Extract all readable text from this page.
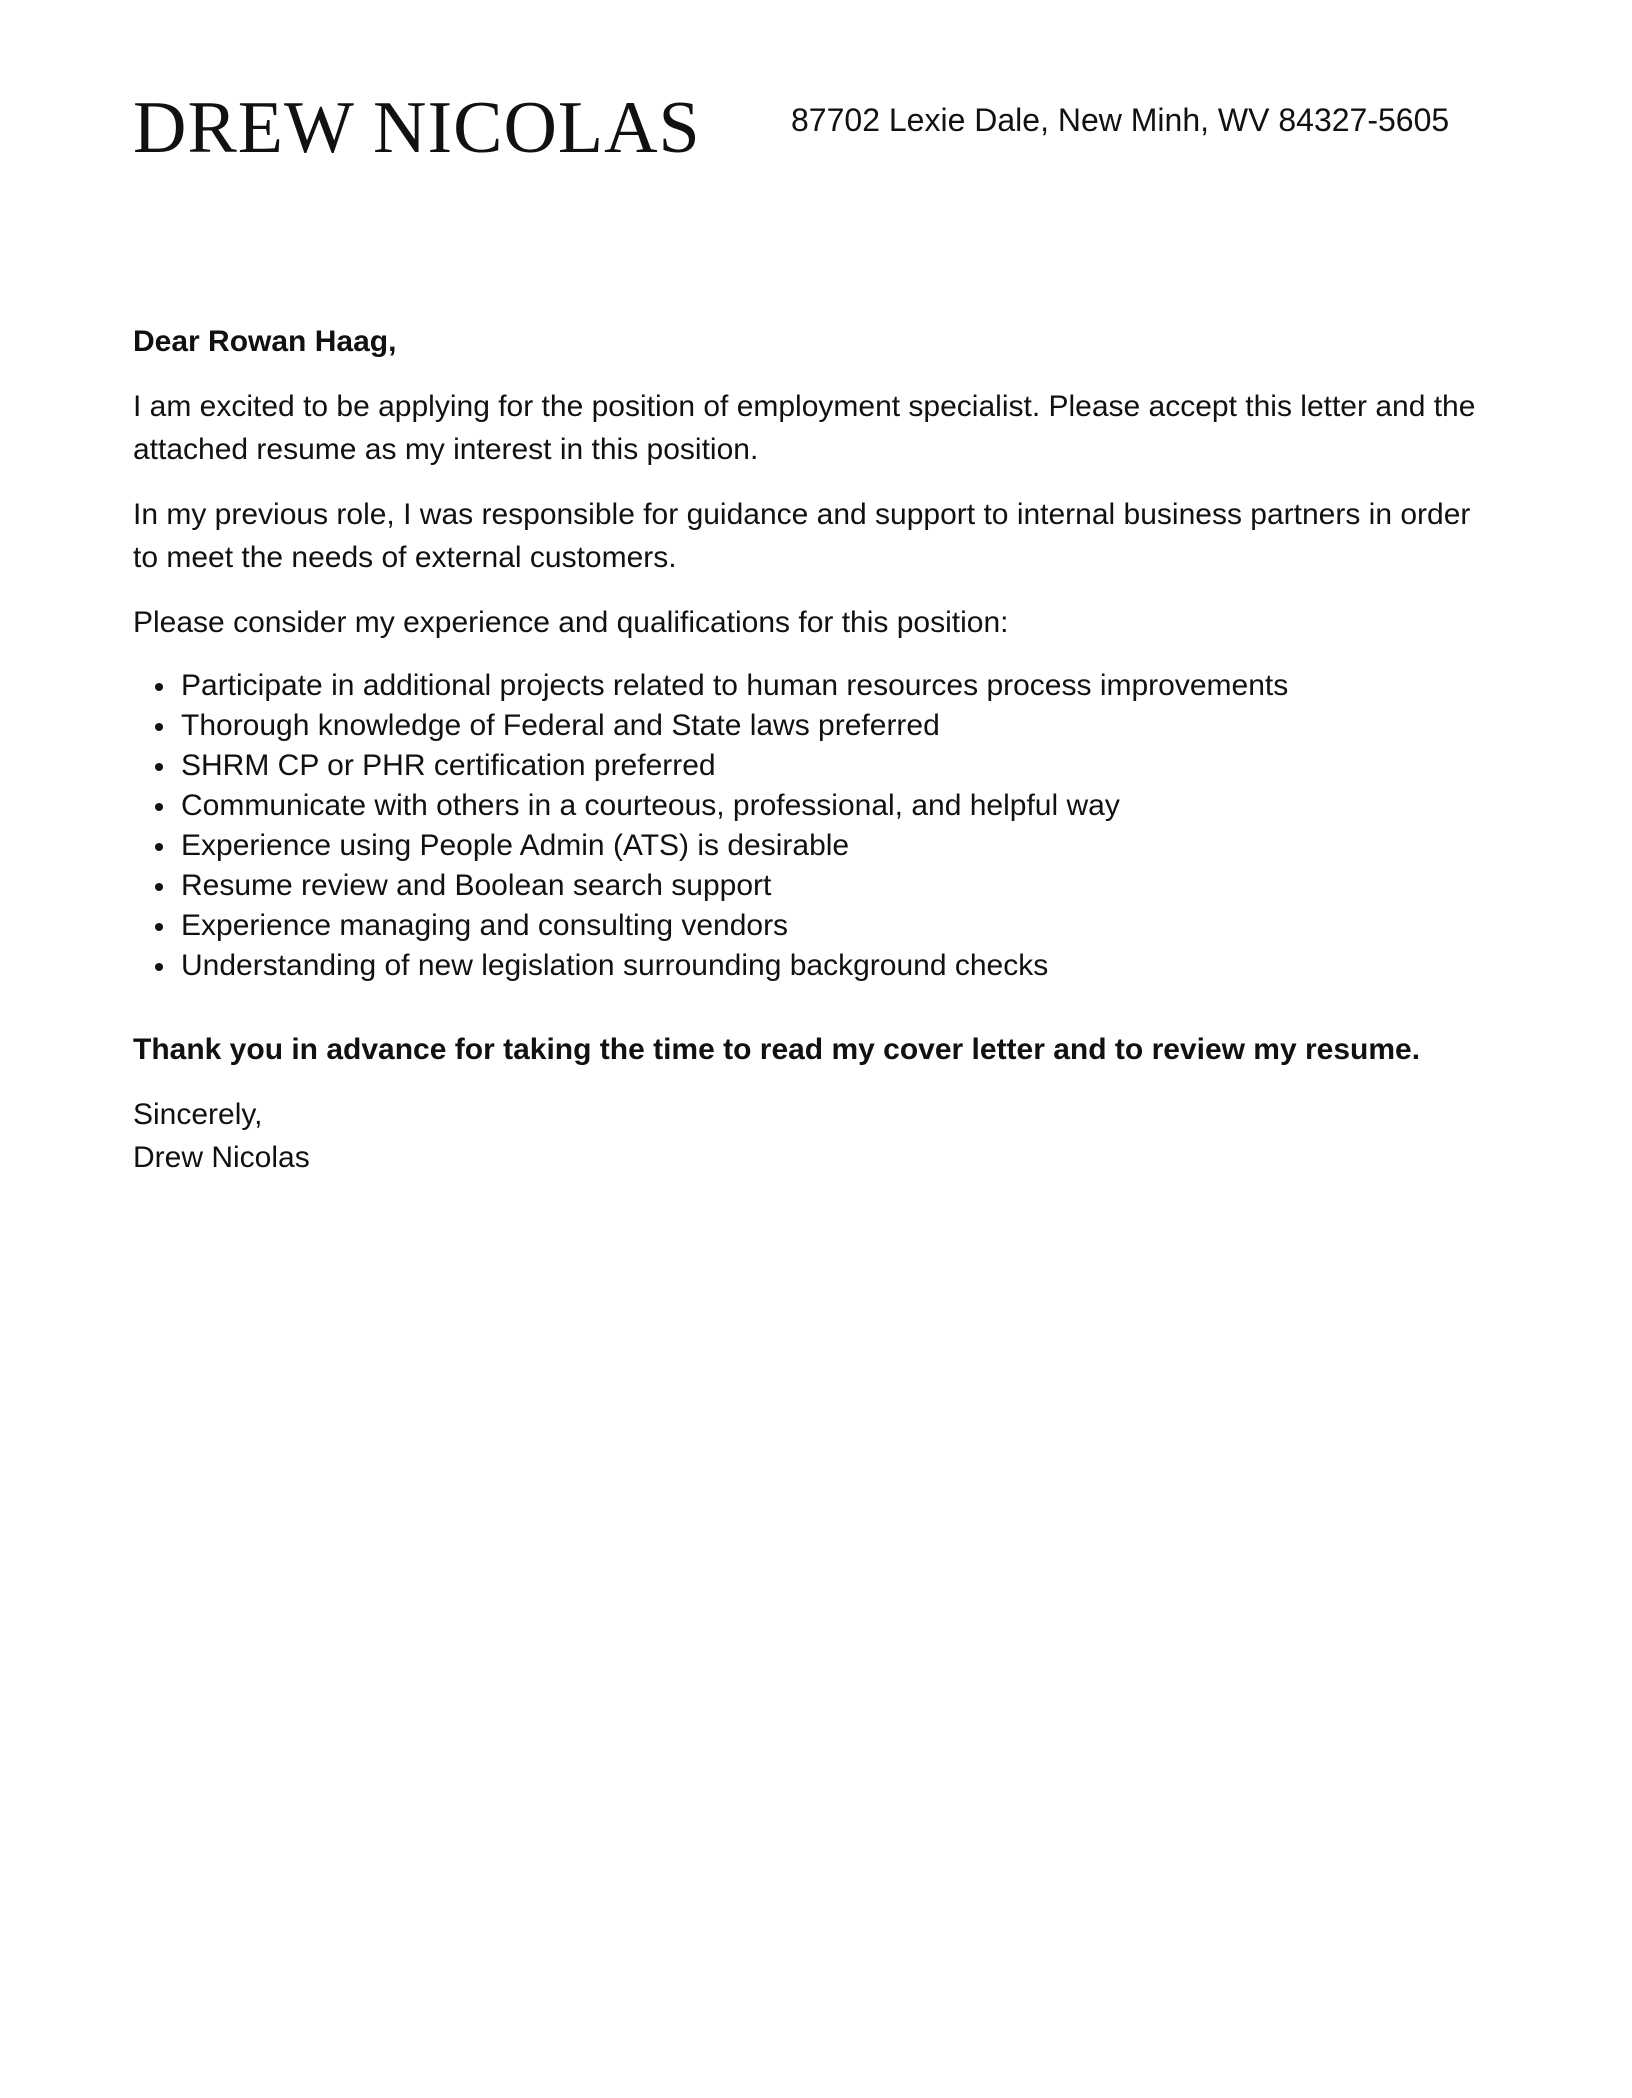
DREW NICOLAS	87702 Lexie Dale, New Minh, WV 84327-5605

Dear Rowan Haag,

I am excited to be applying for the position of employment specialist. Please accept this letter and the attached resume as my interest in this position.

In my previous role, I was responsible for guidance and support to internal business partners in order to meet the needs of external customers.

Please consider my experience and qualifications for this position:

Participate in additional projects related to human resources process improvements
Thorough knowledge of Federal and State laws preferred
SHRM CP or PHR certification preferred
Communicate with others in a courteous, professional, and helpful way
Experience using People Admin (ATS) is desirable
Resume review and Boolean search support
Experience managing and consulting vendors
Understanding of new legislation surrounding background checks

Thank you in advance for taking the time to read my cover letter and to review my resume.

Sincerely,
Drew Nicolas
